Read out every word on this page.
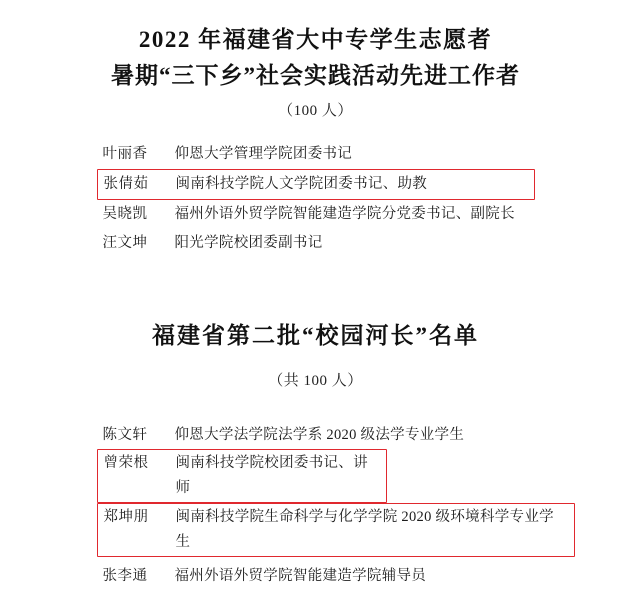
2022 年福建省大中专学生志愿者
暑期“三下乡”社会实践活动先进工作者
（100 人）
叶丽香	仰恩大学管理学院团委书记
张倩茹	闽南科技学院人文学院团委书记、助教
吴晓凯	福州外语外贸学院智能建造学院分党委书记、副院长
汪文坤	阳光学院校团委副书记
福建省第二批“校园河长”名单
（共 100 人）
陈文轩	仰恩大学法学院法学系 2020 级法学专业学生
曾荣根	闽南科技学院校团委书记、讲师
郑坤朋	闽南科技学院生命科学与化学学院 2020 级环境科学专业学生
张李通	福州外语外贸学院智能建造学院辅导员
